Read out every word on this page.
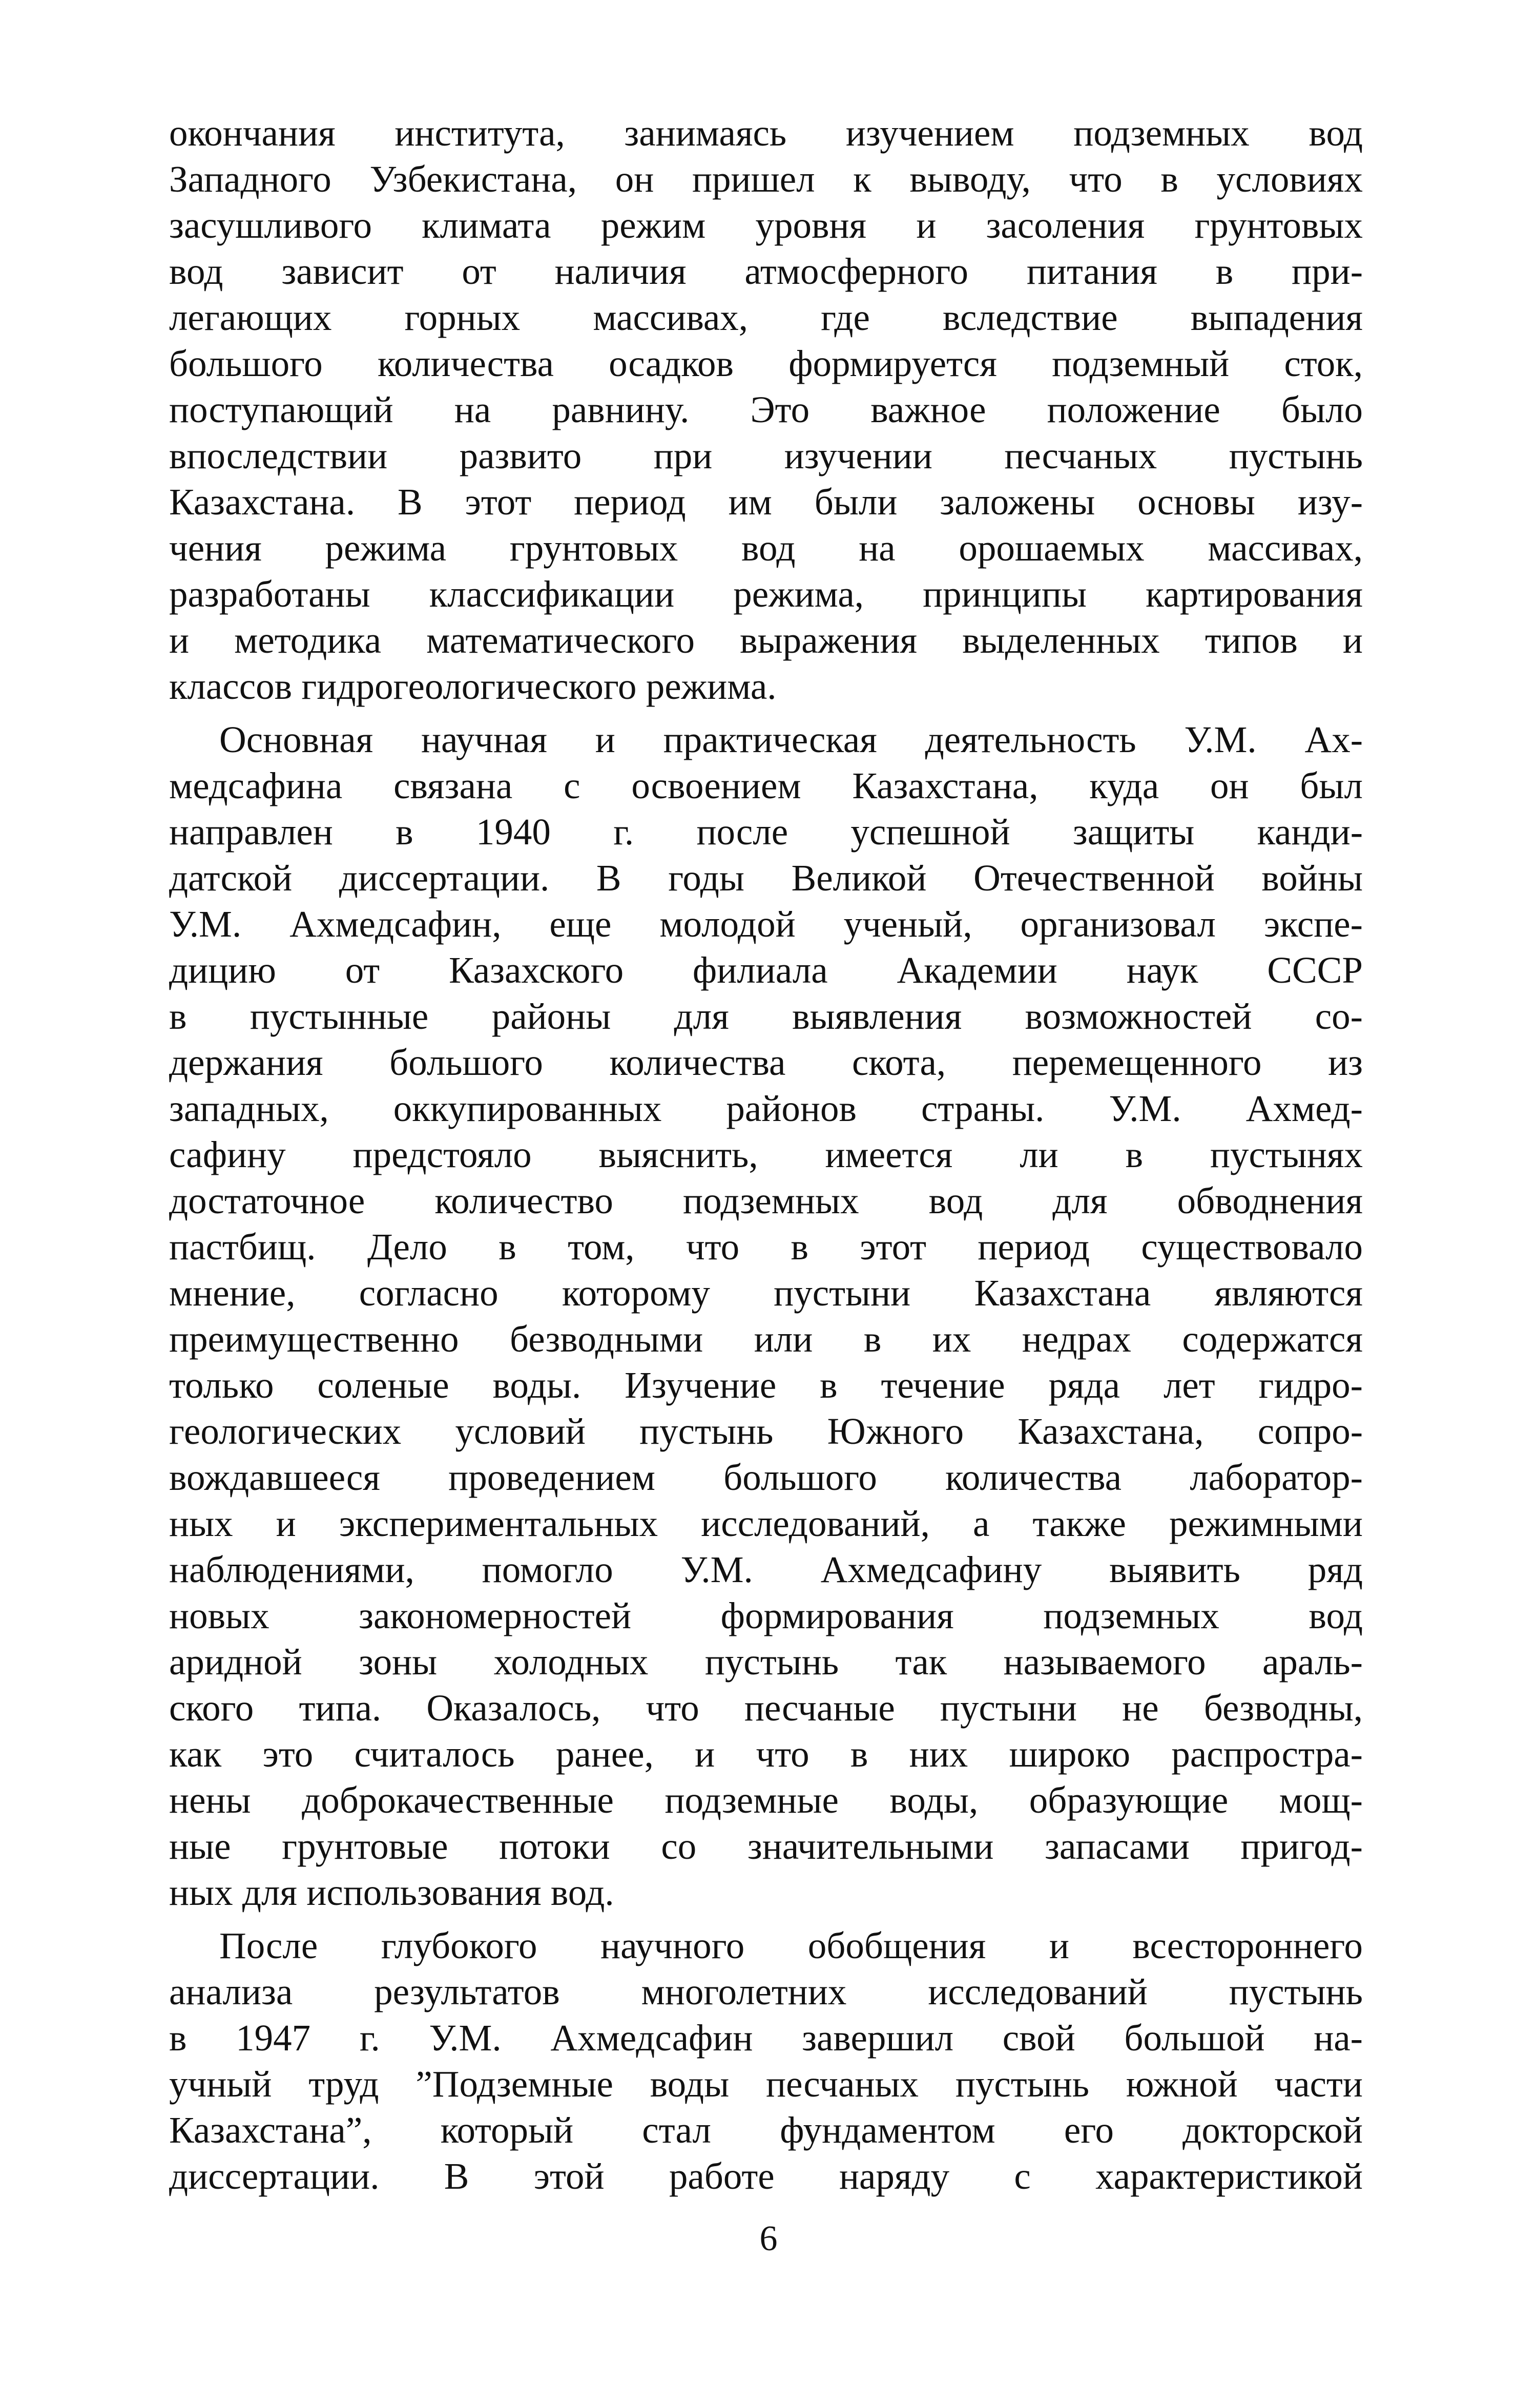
окончания института, занимаясь изучением подземных вод
Западного Узбекистана, он пришел к выводу, что в условиях
засушливого климата режим уровня и засоления грунтовых
вод зависит от наличия атмосферного питания в при-
легающих горных массивах, где вследствие выпадения
большого количества осадков формируется подземный сток,
поступающий на равнину. Это важное положение было
впоследствии развито при изучении песчаных пустынь
Казахстана. В этот период им были заложены основы изу-
чения режима грунтовых вод на орошаемых массивах,
разработаны классификации режима, принципы картирования
и методика математического выражения выделенных типов и
классов гидрогеологического режима.
Основная научная и практическая деятельность У.М. Ах-
медсафина связана с освоением Казахстана, куда он был
направлен в 1940 г. после успешной защиты канди-
датской диссертации. В годы Великой Отечественной войны
У.М. Ахмедсафин, еще молодой ученый, организовал экспе-
дицию от Казахского филиала Академии наук СССР
в пустынные районы для выявления возможностей со-
держания большого количества скота, перемещенного из
западных, оккупированных районов страны. У.М. Ахмед-
сафину предстояло выяснить, имеется ли в пустынях
достаточное количество подземных вод для обводнения
пастбищ. Дело в том, что в этот период существовало
мнение, согласно которому пустыни Казахстана являются
преимущественно безводными или в их недрах содержатся
только соленые воды. Изучение в течение ряда лет гидро-
геологических условий пустынь Южного Казахстана, сопро-
вождавшееся проведением большого количества лаборатор-
ных и экспериментальных исследований, а также режимными
наблюдениями, помогло У.М. Ахмедсафину выявить ряд
новых закономерностей формирования подземных вод
аридной зоны холодных пустынь так называемого араль-
ского типа. Оказалось, что песчаные пустыни не безводны,
как это считалось ранее, и что в них широко распростра-
нены доброкачественные подземные воды, образующие мощ-
ные грунтовые потоки со значительными запасами пригод-
ных для использования вод.
После глубокого научного обобщения и всестороннего
анализа результатов многолетних исследований пустынь
в 1947 г. У.М. Ахмедсафин завершил свой большой на-
учный труд ”Подземные воды песчаных пустынь южной части
Казахстана”, который стал фундаментом его докторской
диссертации. В этой работе наряду с характеристикой
6
